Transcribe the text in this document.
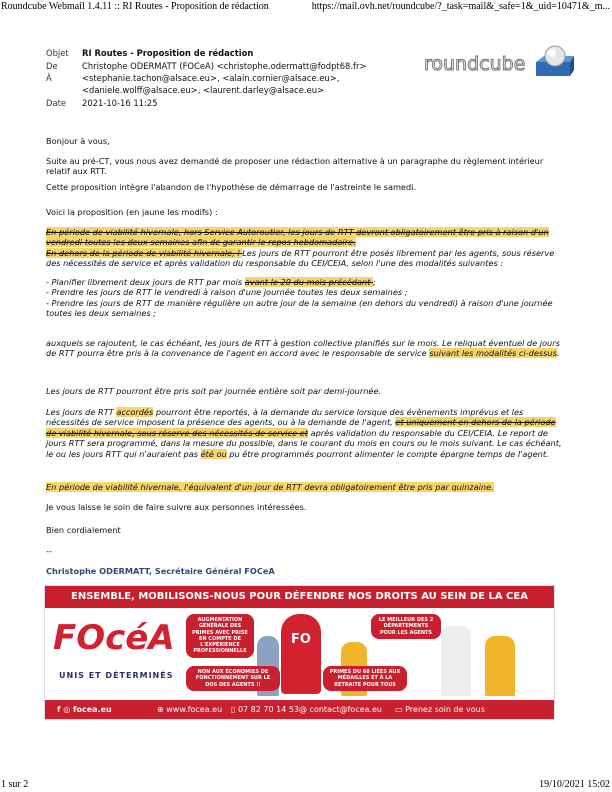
Roundcube Webmail 1.4.11 :: RI Routes - Proposition de rédaction	https://mail.ovh.net/roundcube/?_task=mail&_safe=1&_uid=10471&_m...
Objet	RI Routes - Proposition de rédaction
De	Christophe ODERMATT (FOCeA) <christophe.odermatt@fodpt68.fr>
À	<stephanie.tachon@alsace.eu>, <alain.cornier@alsace.eu>,
<daniele.wolff@alsace.eu>, <laurent.darley@alsace.eu>
Date	2021-10-16 11:25
roundcube
Bonjour à vous,
Suite au pré-CT, vous nous avez demandé de proposer une rédaction alternative à un paragraphe du règlement intérieur relatif aux RTT.
Cette proposition intègre l'abandon de l'hypothèse de démarrage de l'astreinte le samedi.
Voici la proposition (en jaune les modifs) :
En période de viabilité hivernale, hors Service Autoroutier, les jours de RTT devront obligatoirement être pris à raison d'un vendredi toutes les deux semaines afin de garantir le repos hebdomadaire.
En dehors de la période de viabilité hivernale, l Les jours de RTT pourront être posés librement par les agents, sous réserve des nécessités de service et après validation du responsable du CEI/CEIA, selon l'une des modalités suivantes :
- Planifier librement deux jours de RTT par mois avant le 20 du mois précédant ;
- Prendre les jours de RTT le vendredi à raison d'une journée toutes les deux semaines ;
- Prendre les jours de RTT de manière régulière un autre jour de la semaine (en dehors du vendredi) à raison d'une journée toutes les deux semaines ;
auxquels se rajoutent, le cas échéant, les jours de RTT à gestion collective planifiés sur le mois. Le reliquat éventuel de jours de RTT pourra être pris à la convenance de l'agent en accord avec le responsable de service suivant les modalités ci-dessus.
Les jours de RTT pourront être pris soit par journée entière soit par demi-journée.
Les jours de RTT accordés pourront être reportés, à la demande du service lorsque des évènements imprévus et les nécessités de service imposent la présence des agents, ou à la demande de l'agent, et uniquement en dehors de la période de viabilité hivernale, sous réserve des nécessités de service et après validation du responsable du CEI/CEIA. Le report de jours RTT sera programmé, dans la mesure du possible, dans le courant du mois en cours ou le mois suivant. Le cas échéant, le ou les jours RTT qui n'auraient pas été ou pu être programmés pourront alimenter le compte épargne temps de l'agent.
En période de viabilité hivernale, l'équivalent d'un jour de RTT devra obligatoirement être pris par quinzaine.
Je vous laisse le soin de faire suivre aux personnes intéressées.
Bien cordialement
--
Christophe ODERMATT, Secrétaire Général FOCeA
ENSEMBLE, MOBILISONS-NOUS POUR DÉFENDRE NOS DROITS AU SEIN DE LA CEA
FOcéA
UNIS ET DÉTERMINÉS
FO
AUGMENTATION GÉNÉRALE DES PRIMES AVEC PRISE EN COMPTE DE L'EXPÉRIENCE PROFESSIONNELLE
NON AUX ÉCONOMIES DE FONCTIONNEMENT SUR LE DOS DES AGENTS !!
LE MEILLEUR DES 2 DÉPARTEMENTS POUR LES AGENTS
PRIMES DU 68 LIÉES AUX MÉDAILLES ET À LA RETRAITE POUR TOUS
f ◎ focea.eu	⊕ www.focea.eu ▯ 07 82 70 14 53 @ contact@focea.eu ▭ Prenez soin de vous
1 sur 2	19/10/2021 15:02
